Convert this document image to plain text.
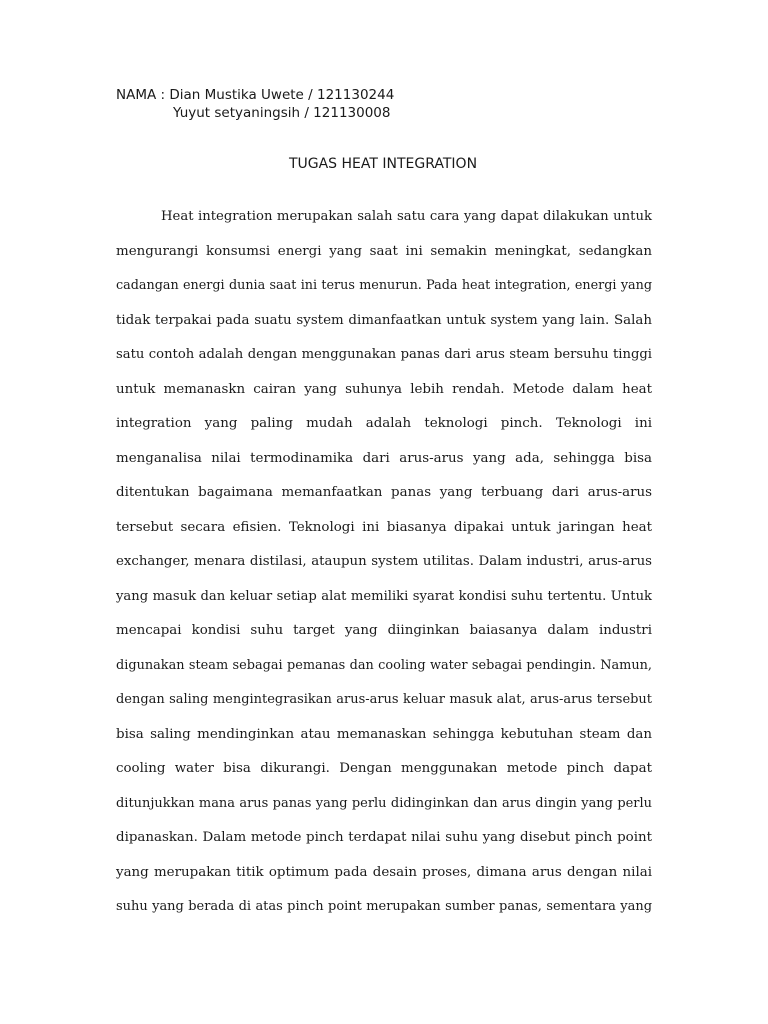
NAMA : Dian Mustika Uwete / 121130244
Yuyut setyaningsih / 121130008
TUGAS HEAT INTEGRATION
Heat integration merupakan salah satu cara yang dapat dilakukan untuk
mengurangi konsumsi energi yang saat ini semakin meningkat, sedangkan
cadangan energi dunia saat ini terus menurun. Pada heat integration, energi yang
tidak terpakai pada suatu system dimanfaatkan untuk system yang lain. Salah
satu contoh adalah dengan menggunakan panas dari arus steam bersuhu tinggi
untuk memanaskn cairan yang suhunya lebih rendah. Metode dalam heat
integration yang paling mudah adalah teknologi pinch. Teknologi ini
menganalisa nilai termodinamika dari arus-arus yang ada, sehingga bisa
ditentukan bagaimana memanfaatkan panas yang terbuang dari arus-arus
tersebut secara efisien. Teknologi ini biasanya dipakai untuk jaringan heat
exchanger, menara distilasi, ataupun system utilitas. Dalam industri, arus-arus
yang masuk dan keluar setiap alat memiliki syarat kondisi suhu tertentu. Untuk
mencapai kondisi suhu target yang diinginkan baiasanya dalam industri
digunakan steam sebagai pemanas dan cooling water sebagai pendingin. Namun,
dengan saling mengintegrasikan arus-arus keluar masuk alat, arus-arus tersebut
bisa saling mendinginkan atau memanaskan sehingga kebutuhan steam dan
cooling water bisa dikurangi. Dengan menggunakan metode pinch dapat
ditunjukkan mana arus panas yang perlu didinginkan dan arus dingin yang perlu
dipanaskan. Dalam metode pinch terdapat nilai suhu yang disebut pinch point
yang merupakan titik optimum pada desain proses, dimana arus dengan nilai
suhu yang berada di atas pinch point merupakan sumber panas, sementara yang
